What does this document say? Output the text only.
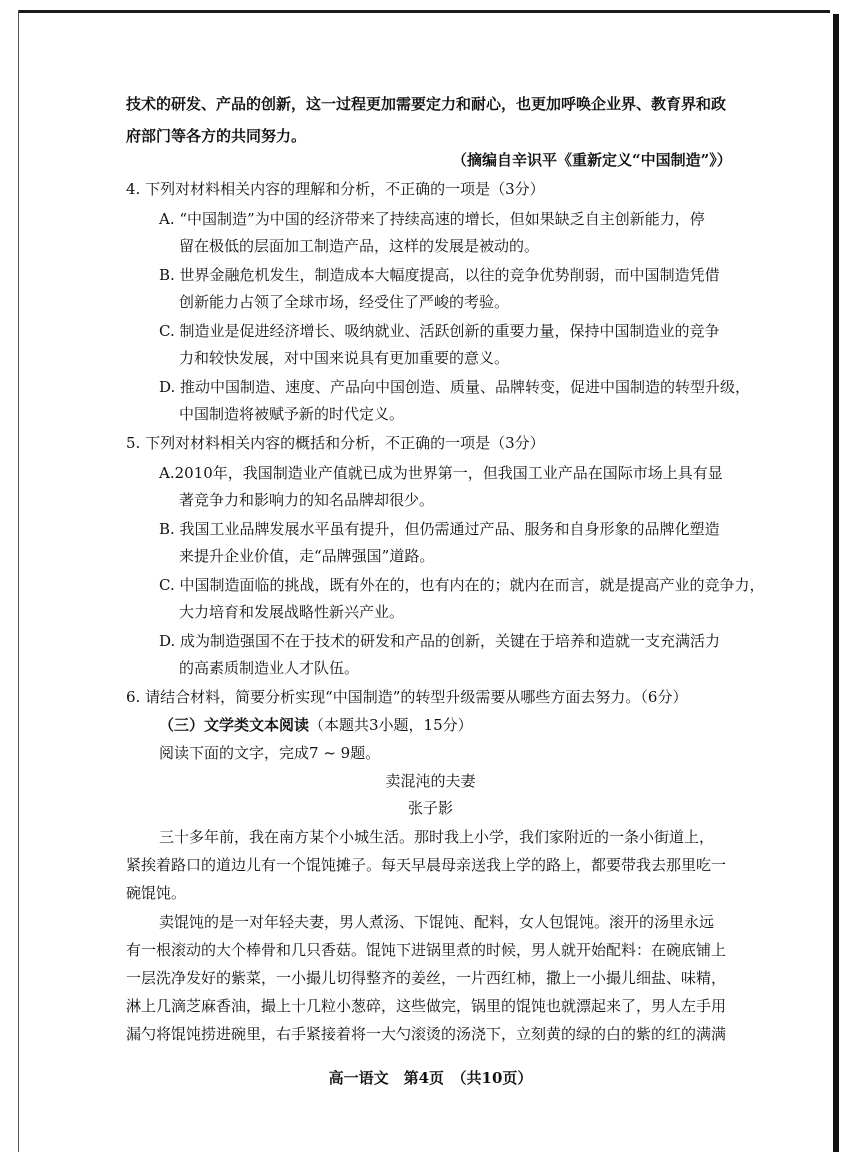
技术的研发、产品的创新，这一过程更加需要定力和耐心，也更加呼唤企业界、教育界和政
府部门等各方的共同努力。
（摘编自辛识平《重新定义“中国制造”》）
4. 下列对材料相关内容的理解和分析，不正确的一项是（3分）
A. “中国制造”为中国的经济带来了持续高速的增长，但如果缺乏自主创新能力，停
留在极低的层面加工制造产品，这样的发展是被动的。
B. 世界金融危机发生，制造成本大幅度提高，以往的竞争优势削弱，而中国制造凭借
创新能力占领了全球市场，经受住了严峻的考验。
C. 制造业是促进经济增长、吸纳就业、活跃创新的重要力量，保持中国制造业的竞争
力和较快发展，对中国来说具有更加重要的意义。
D. 推动中国制造、速度、产品向中国创造、质量、品牌转变，促进中国制造的转型升级，
中国制造将被赋予新的时代定义。
5. 下列对材料相关内容的概括和分析，不正确的一项是（3分）
A.2010年，我国制造业产值就已成为世界第一，但我国工业产品在国际市场上具有显
著竞争力和影响力的知名品牌却很少。
B. 我国工业品牌发展水平虽有提升，但仍需通过产品、服务和自身形象的品牌化塑造
来提升企业价值，走“品牌强国”道路。
C. 中国制造面临的挑战，既有外在的，也有内在的；就内在而言，就是提高产业的竞争力，
大力培育和发展战略性新兴产业。
D. 成为制造强国不在于技术的研发和产品的创新，关键在于培养和造就一支充满活力
的高素质制造业人才队伍。
6. 请结合材料，简要分析实现“中国制造”的转型升级需要从哪些方面去努力。（6分）
（三）文学类文本阅读（本题共3小题，15分）
阅读下面的文字，完成7 ~ 9题。
卖混沌的夫妻
张子影
三十多年前，我在南方某个小城生活。那时我上小学，我们家附近的一条小街道上，
紧挨着路口的道边儿有一个馄饨摊子。每天早晨母亲送我上学的路上，都要带我去那里吃一
碗馄饨。
卖馄饨的是一对年轻夫妻，男人煮汤、下馄饨、配料，女人包馄饨。滚开的汤里永远
有一根滚动的大个棒骨和几只香菇。馄饨下进锅里煮的时候，男人就开始配料：在碗底铺上
一层洗净发好的紫菜，一小撮儿切得整齐的姜丝，一片西红柿，撒上一小撮儿细盐、味精，
淋上几滴芝麻香油，撮上十几粒小葱碎，这些做完，锅里的馄饨也就漂起来了，男人左手用
漏勺将馄饨捞进碗里，右手紧接着将一大勺滚烫的汤浇下，立刻黄的绿的白的紫的红的满满
高一语文　第4页　（共10页）
